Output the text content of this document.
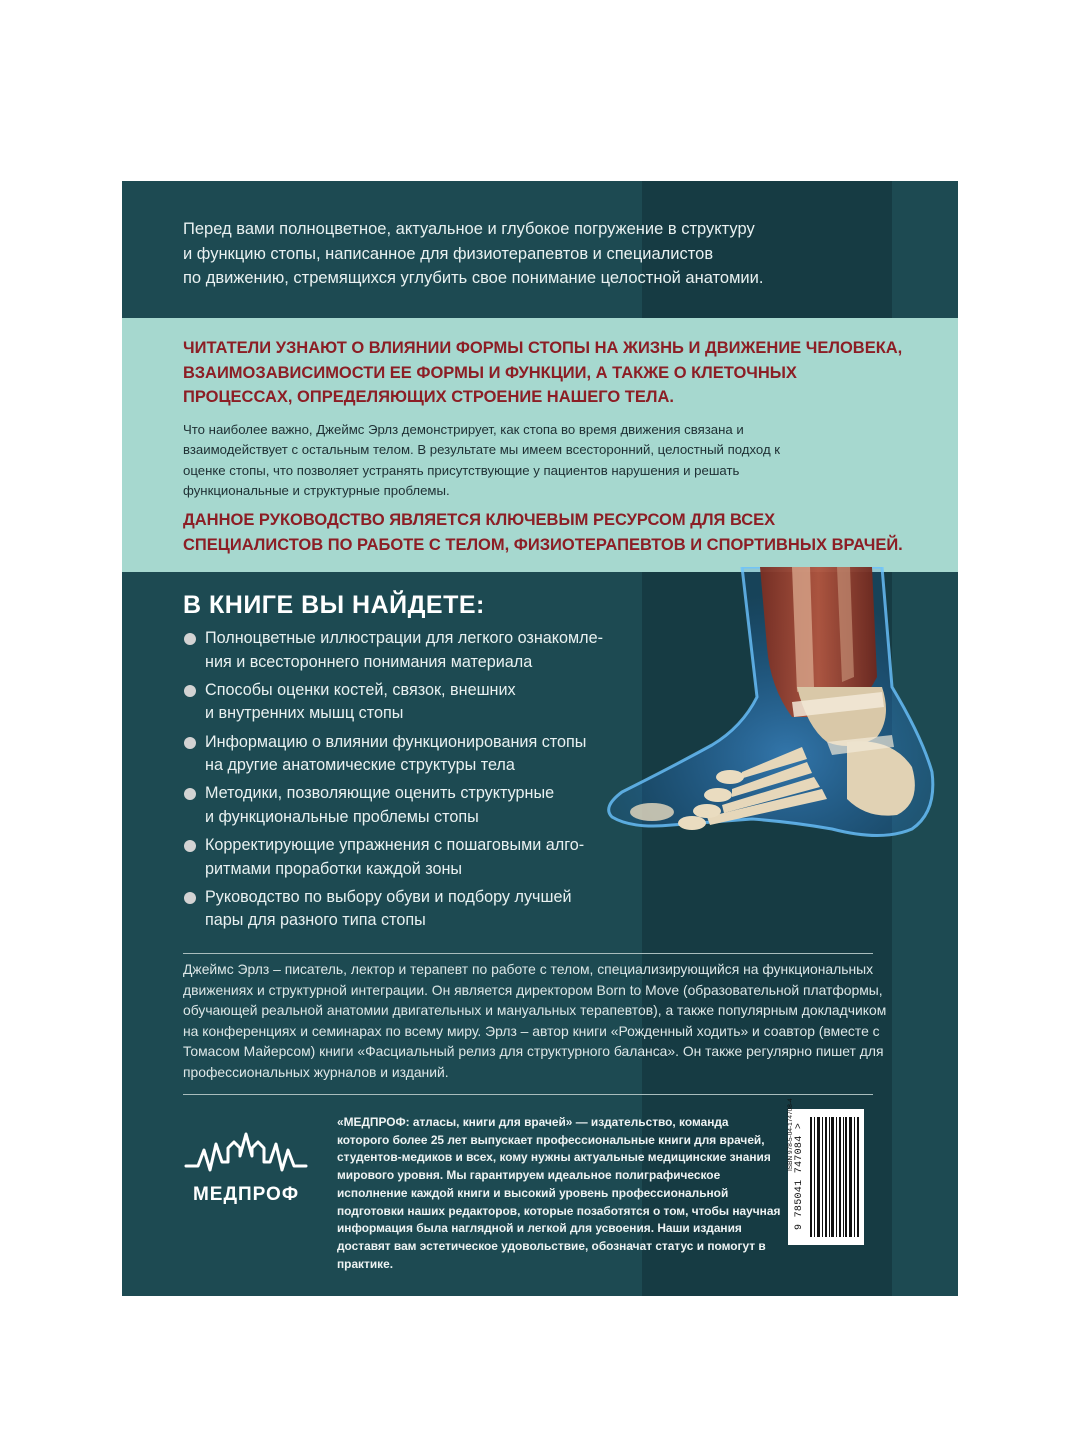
Перед вами полноцветное, актуальное и глубокое погружение в структуру

и функцию стопы, написанное для физиотерапевтов и специалистов

по движению, стремящихся углубить свое понимание целостной анатомии.

ЧИТАТЕЛИ УЗНАЮТ О ВЛИЯНИИ ФОРМЫ СТОПЫ НА ЖИЗНЬ И ДВИЖЕНИЕ ЧЕЛОВЕКА, ВЗАИМОЗАВИСИМОСТИ ЕЕ ФОРМЫ И ФУНКЦИИ, А ТАКЖЕ О КЛЕТОЧНЫХ ПРОЦЕССАХ, ОПРЕДЕЛЯЮЩИХ СТРОЕНИЕ НАШЕГО ТЕЛА.

Что наиболее важно, Джеймс Эрлз демонстрирует, как стопа во время движения связана и взаимодействует с остальным телом. В результате мы имеем всесторонний, целостный подход к оценке стопы, что позволяет устранять присутствующие у пациентов нарушения и решать функциональные и структурные проблемы.

ДАННОЕ РУКОВОДСТВО ЯВЛЯЕТСЯ КЛЮЧЕВЫМ РЕСУРСОМ ДЛЯ ВСЕХ СПЕЦИАЛИСТОВ ПО РАБОТЕ С ТЕЛОМ, ФИЗИОТЕРАПЕВТОВ И СПОРТИВНЫХ ВРАЧЕЙ.

В КНИГЕ ВЫ НАЙДЕТЕ:

Полноцветные иллюстрации для легкого ознакомле-
ния и всестороннего понимания материала
Способы оценки костей, связок, внешних
и внутренних мышц стопы
Информацию о влиянии функционирования стопы
на другие анатомические структуры тела
Методики, позволяющие оценить структурные
и функциональные проблемы стопы
Корректирующие упражнения с пошаговыми алго-
ритмами проработки каждой зоны
Руководство по выбору обуви и подбору лучшей
пары для разного типа стопы

Джеймс Эрлз – писатель, лектор и терапевт по работе с телом, специализирующийся на функциональных движениях и структурной интеграции. Он является директором Born to Move (образовательной платформы, обучающей реальной анатомии двигательных и мануальных терапевтов), а также популярным докладчиком на конференциях и семинарах по всему миру. Эрлз – автор книги «Рожденный ходить» и соавтор (вместе с Томасом Майерсом) книги «Фасциальный релиз для структурного баланса». Он также регулярно пишет для профессиональных журналов и изданий.

МЕДПРОФ

«МЕДПРОФ: атласы, книги для врачей» — издательство, команда которого более 25 лет выпускает профессиональные книги для врачей, студентов-медиков и всех, кому нужны актуальные медицинские знания мирового уровня. Мы гарантируем идеальное полиграфическое исполнение каждой книги и высокий уровень профессиональной подготовки наших редакторов, которые позаботятся о том, чтобы научная информация была наглядной и легкой для усвоения. Наши издания доставят вам эстетическое удовольствие, обозначат статус и помогут в практике.

ISBN 978-5-04-174708-4 9 785041 747084 >
